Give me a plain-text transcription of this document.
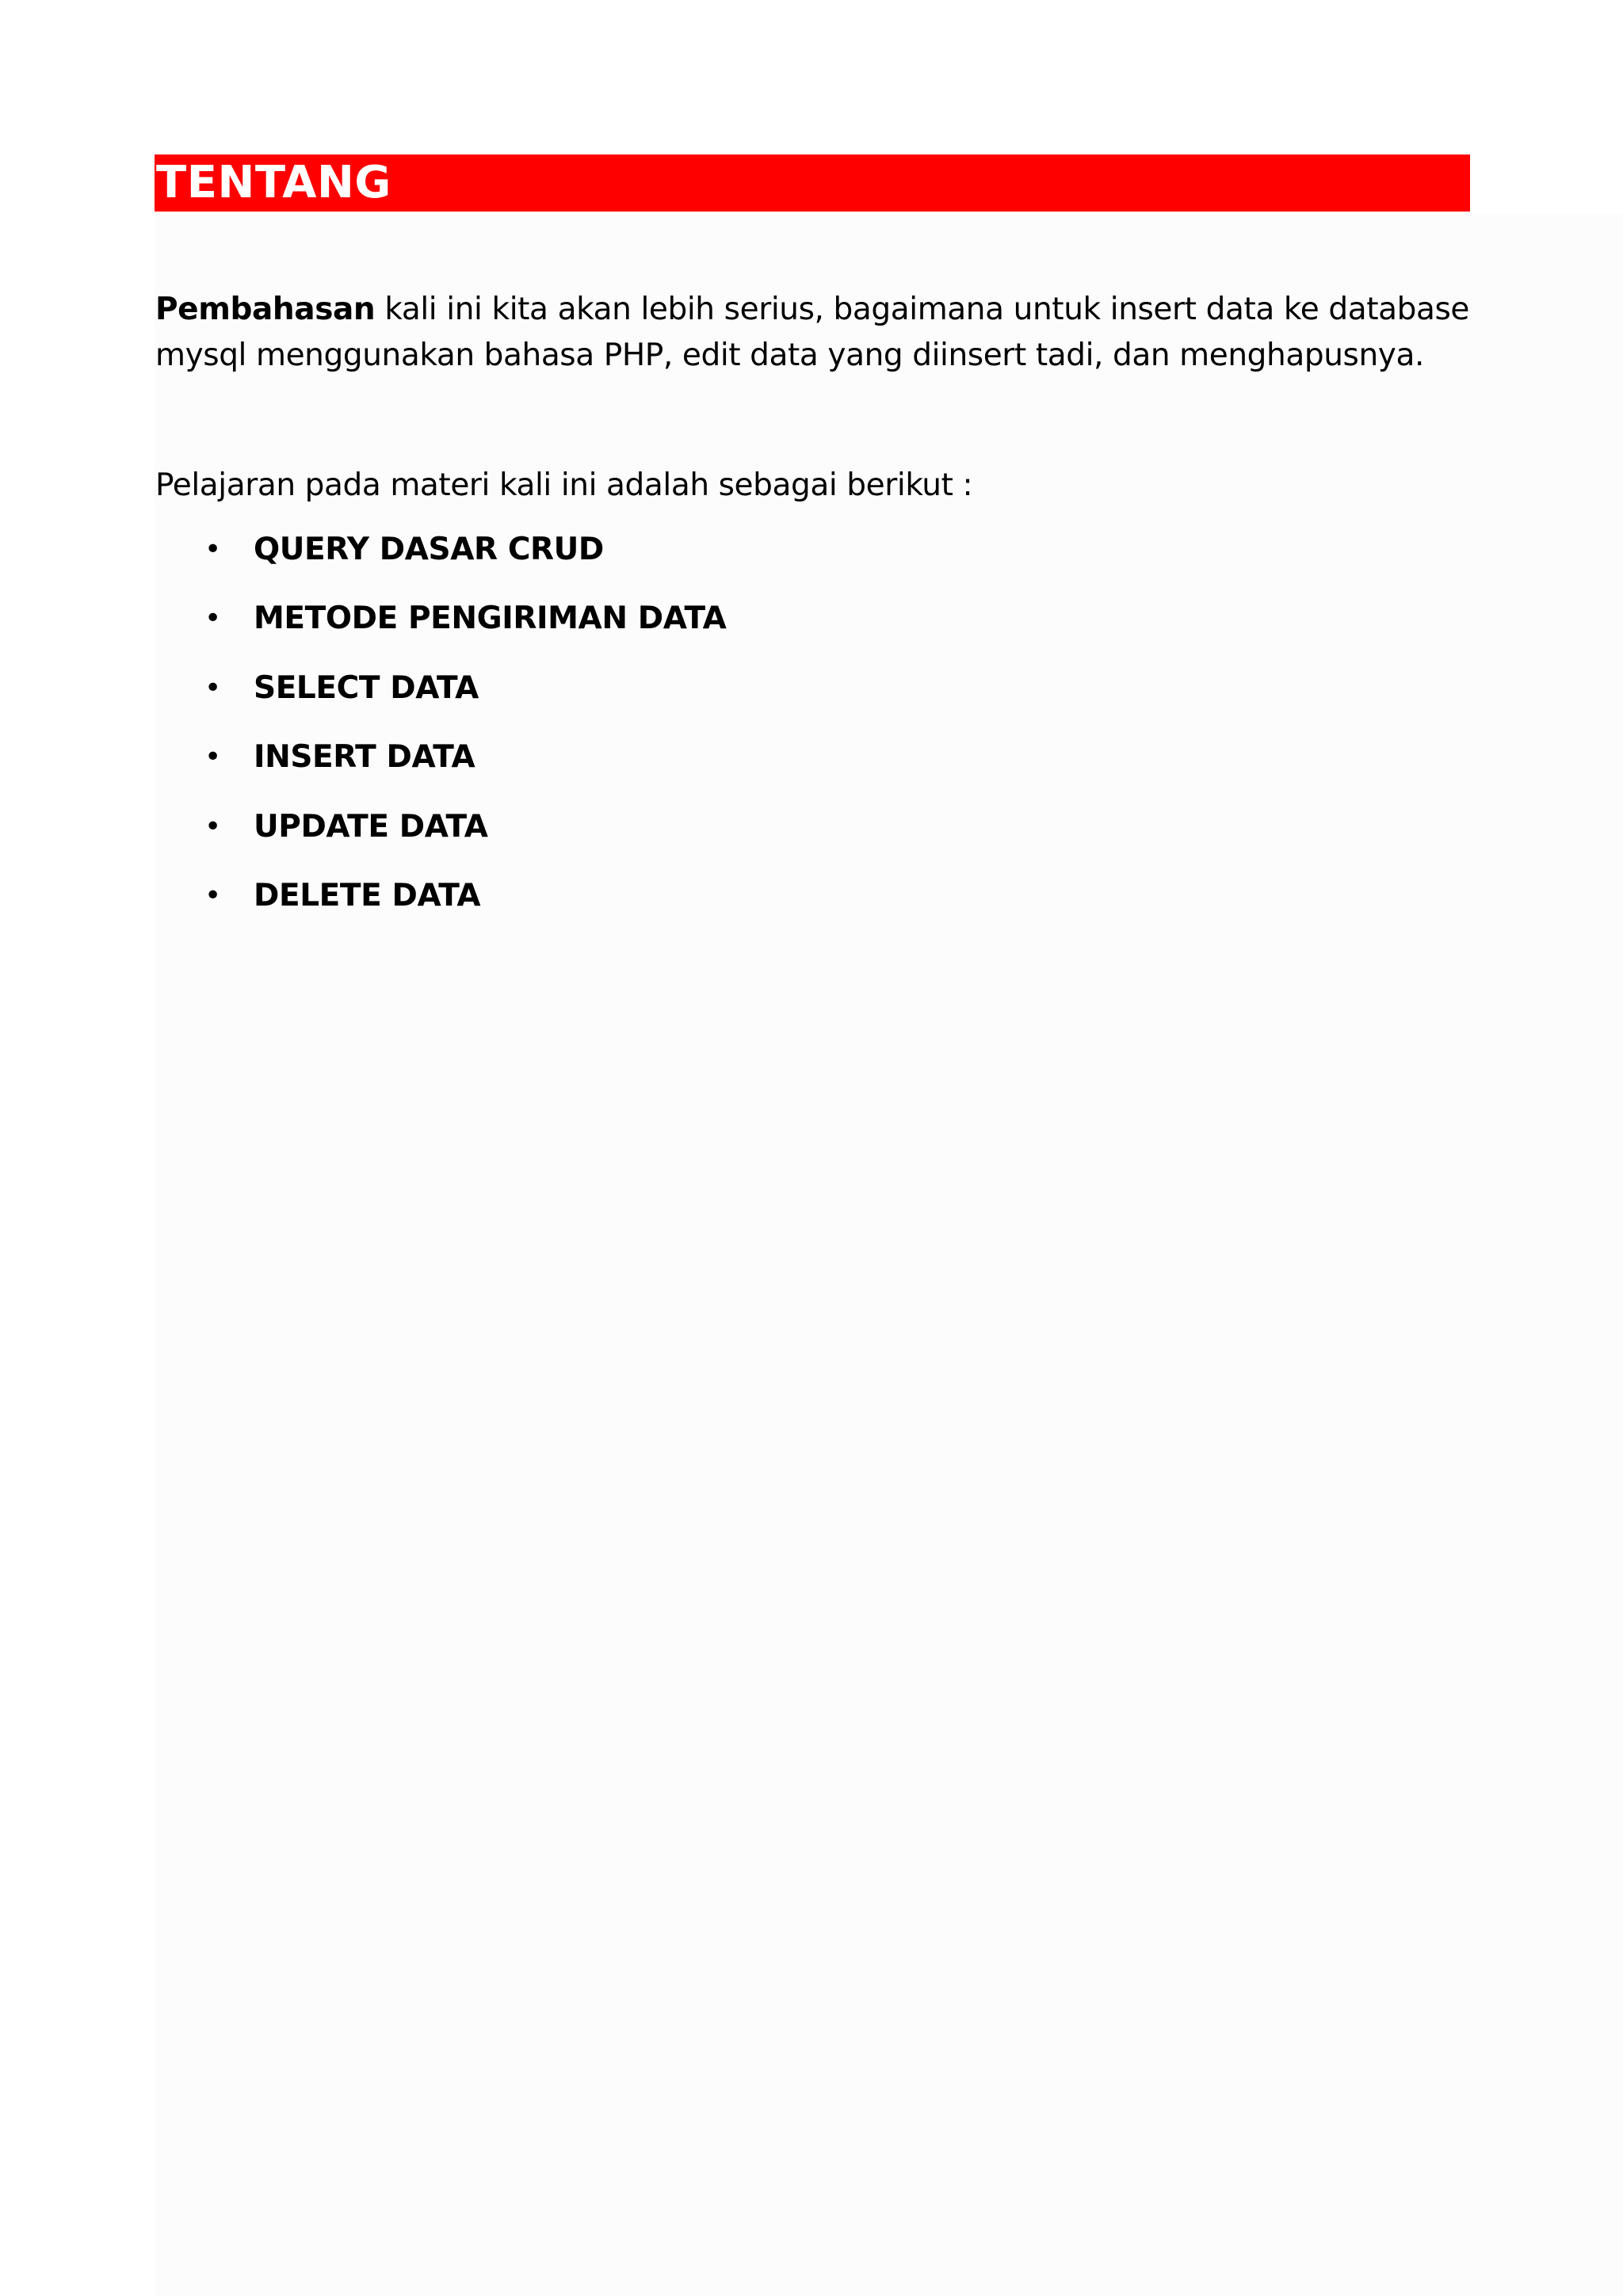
TENTANG

Pembahasan kali ini kita akan lebih serius, bagaimana untuk insert data ke database mysql menggunakan bahasa PHP, edit data yang diinsert tadi, dan menghapusnya.

Pelajaran pada materi kali ini adalah sebagai berikut :

• QUERY DASAR CRUD
• METODE PENGIRIMAN DATA
• SELECT DATA
• INSERT DATA
• UPDATE DATA
• DELETE DATA
